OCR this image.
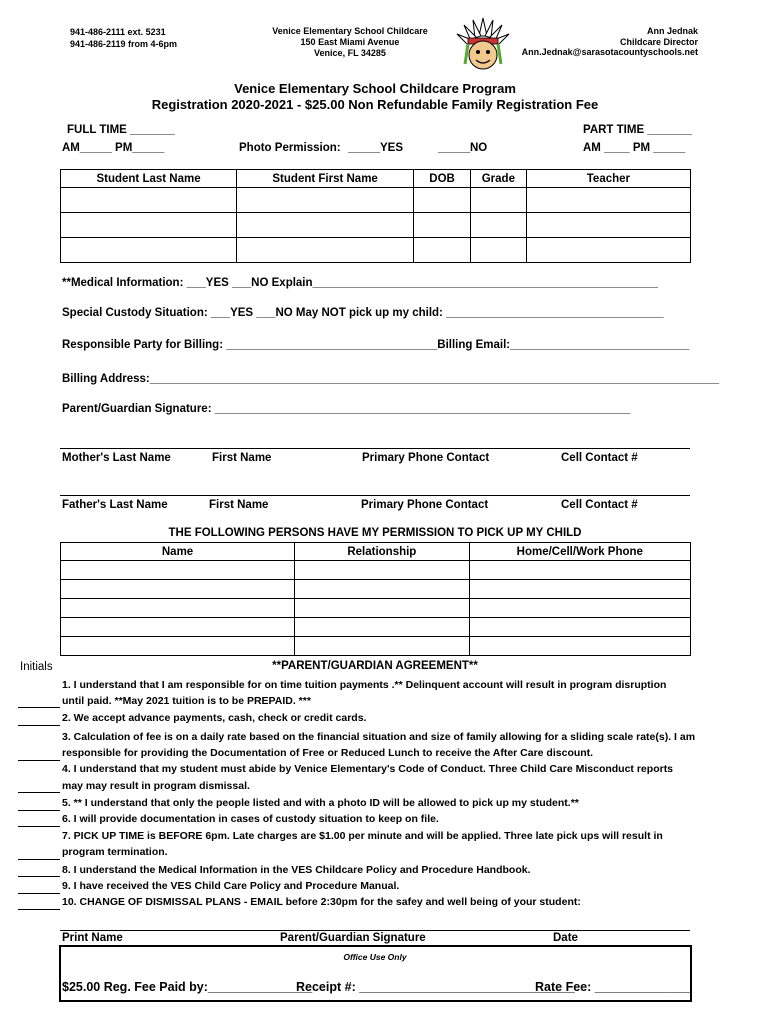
941-486-2111 ext. 5231
941-486-2119 from 4-6pm
Venice Elementary School Childcare
150 East Miami Avenue
Venice, FL 34285
Ann Jednak
Childcare Director
Ann.Jednak@sarasotacountyschools.net
Venice Elementary School Childcare Program
Registration 2020-2021 - $25.00 Non Refundable Family Registration Fee
FULL TIME _______
AM_____ PM_____	Photo Permission: _____YES	_____NO
PART TIME _______
AM ____ PM _____
Student Last Name	Student First Name	DOB	Grade	Teacher

**Medical Information: ___YES ___NO Explain______________________________________________________
Special Custody Situation: ___YES ___NO May NOT pick up my child: __________________________________
Responsible Party for Billing: _________________________________Billing Email:____________________________
Billing Address:_________________________________________________________________________________________
Parent/Guardian Signature: _________________________________________________________________
Mother's Last Name	First Name	Primary Phone Contact	Cell Contact #
Father's Last Name	First Name	Primary Phone Contact	Cell Contact #
THE FOLLOWING PERSONS HAVE MY PERMISSION TO PICK UP MY CHILD
Name	Relationship	Home/Cell/Work Phone

Initials	**PARENT/GUARDIAN AGREEMENT**
1. I understand that I am responsible for on time tuition payments .** Delinquent account will result in program disruption
until paid. **May 2021 tuition is to be PREPAID. ***
2. We accept advance payments, cash, check or credit cards.
3. Calculation of fee is on a daily rate based on the financial situation and size of family allowing for a sliding scale rate(s). I am
responsible for providing the Documentation of Free or Reduced Lunch to receive the After Care discount.
4. I understand that my student must abide by Venice Elementary's Code of Conduct. Three Child Care Misconduct reports
may may result in program dismissal.
5. ** I understand that only the people listed and with a photo ID will be allowed to pick up my student.**
6. I will provide documentation in cases of custody situation to keep on file.
7. PICK UP TIME is BEFORE 6pm. Late charges are $1.00 per minute and will be applied. Three late pick ups will result in
program termination.
8. I understand the Medical Information in the VES Childcare Policy and Procedure Handbook.
9. I have received the VES Child Care Policy and Procedure Manual.
10. CHANGE OF DISMISSAL PLANS - EMAIL before 2:30pm for the safey and well being of your student:
Print Name	Parent/Guardian Signature	Date
Office Use Only
$25.00 Reg. Fee Paid by:_______________
Receipt #: _______________________________
Rate Fee: ______________
